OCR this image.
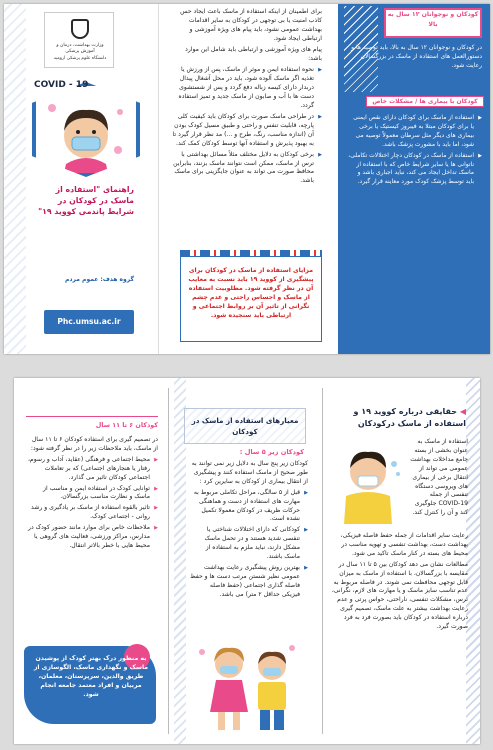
وزارت بهداشت، درمان و آموزش پزشکی
دانشگاه علوم پزشکی ارومیه
COVID - 19
راهنمای "استفاده از ماسک در کودکان در شرایط پاندمی کووید ۱۹"
گروه هدف: عموم مردم
Phc.umsu.ac.ir

برای اطمینان از اینکه استفاده از ماسک باعث ایجاد حس کاذب امنیت یا بی توجهی در کودکان به سایر اقدامات بهداشت عمومی نشود، باید پیام های ویژه آموزشی و ارتباطی ایجاد شود.

پیام های ویژه آموزشی و ارتباطی باید شامل این موارد باشد:

▶ نحوه استفاده ایمن و موثر از ماسک، پس از ورزش یا تغذیه اگر ماسک آلوده شود، باید در محل آشغال پیدال دربدار دارای کیسه زباله دفع گردد و پس از شستشوی دست ها با آب و صابون از ماسک جدید و تمیز استفاده گردد.

▶ در طراحی ماسک صورت برای کودکان باید کیفیت کلی پارچه، قابلیت تنفس و راحتی و طبیق مسیل کودک بودن آن (اندازه مناسب، رنگ، طرح و ...) مد نظر قرار گیرد تا به بهبود پذیرش و استفاده آنها توسط کودکان کمک کند.

▶ برخی کودکان به دلایل مختلف مثلاً مسائل بهداشتی با ترس از ماسک، ممکن است نتوانند ماسک بزنند، بنابراین محافظ صورت می تواند به عنوان جایگزینی برای ماسک باشد.

مزایای استفاده از ماسک در کودکان برای پیشگیری از کووید ۱۹ باید نسبت به معایب آن در نظر گرفته شود. مطلوبیت استفاده از ماسک و احساس راحتی و عدم چشم نگرانی از تاثیر آن بر روابط اجتماعی و ارتباطی باید سنجیده شود.
کودکان و نوجوانان ۱۲ سال به بالا

در کودکان و نوجوانان ۱۲ سال به بالا، باید توصیه ها و دستورالعمل های استفاده از ماسک در بزرگسالان رعایت شود.

کودکان با بیماری ها / مشکلات خاص

▶ استفاده از ماسک برای کودکان دارای نقص ایمنی یا برای کودکان مبتلا به فیبروز کیستیک یا برخی بیماری های دیگر مثل سرطان معمولاً توصیه می شود، اما باید با مشورت پزشک باشد.

▶ استفاده از ماسک در کودکان دچار اختلالات تکاملی، ناتوانی ها یا سایر شرایط خاص که با استفاده از ماسک تداخل ایجاد می کند، نباید اجباری باشد و باید توسط پزشک کودک مورد معاینه قرار گیرد.

کودکان ۶ تا ۱۱ سال

در تصمیم گیری برای استفاده کودکان ۶ تا ۱۱ سال از ماسک، باید ملاحظات زیر را در نظر گرفته شود:

▶ محیط اجتماعی و فرهنگی (عقاید، آداب و رسوم، رفتار یا هنجارهای اجتماعی) که بر تعاملات اجتماعی کودکان تاثیر می گذارد.

▶ توانایی کودک در استفاده ایمن و مناسب از ماسک و نظارت مناسب بزرگسالان.

▶ تاثیر بالقوه استفاده از ماسک بر یادگیری و رشد روانی - اجتماعی کودک.

▶ ملاحظات خاص برای موارد مانند حضور کودک در مدارس، مراکز ورزشی، فعالیت های گروهی یا محیط هایی با خطر بالاتر انتقال.

به منظور درک بهتر کودک از پوشیدن ماسک و نگهداری ماسک، الگوسازی از طریق والدین، سرپرستان، معلمان، مربیان و افراد معتمد جامعه انجام شود.
معیارهای استفاده از ماسک در کودکان
کودکان زیر ۵ سال :

کودکان زیر پنج سال به دلایل زیر نمی توانند به طور صحیح از ماسک استفاده کنند و پیشگیری از انتقال بیماری از کودکان به سایرین کرد :

▶ قبل از ۵ سالگی، مراحل تکاملی مربوط به مهارت های استفاده از دست و هماهنگی حرکات ظریف در کودکان معمولا تکمیل نشده است.

▶ کودکانی که دارای اختلالات شناختی یا تنفسی شدید هستند و در تحمل ماسک مشکل دارند، نباید ملزم به استفاده از ماسک باشند.

▶ بهترین روش پیشگیری رعایت بهداشت عمومی نظیر شستن مرتب دست ها و حفظ فاصله گذاری اجتماعی (حفظ فاصله فیزیکی حداقل ۲ متر) می باشد.

◀ حقایقی درباره کووید ۱۹ و استفاده از ماسک درکودکان

استفاده از ماسک به عنوان بخشی از بسته جامع مداخلات بهداشت عمومی می تواند از انتقال برخی از بیماری های ویروسی دستگاه تنفسی از جمله COVID-19 جلوگیری کند و آن را کنترل کند.

رعایت سایر اقدامات از جمله حفظ فاصله فیزیکی، بهداشت دست، بهداشت تنفسی و تهویه مناسب در محیط های بسته در کنار ماسک تاکید می شود.

مطالعات نشان می دهد کودکان بین ۵ تا ۱۱ سال در مقایسه با بزرگسالان، با استفاده از ماسک به میزان قابل توجهی محافظت نمی شوند. در فاصله مربوط به عدم تناسب سایز ماسک و یا مهارت های لازم، نگرانی، ترس، مشکلات تنفسی، ناراحتی، حواس پرتی و عدم رعایت بهداشت بیشتر به علت ماسک، تصمیم گیری درباره استفاده در کودکان باید بصورت فرد به فرد صورت گیرد.
